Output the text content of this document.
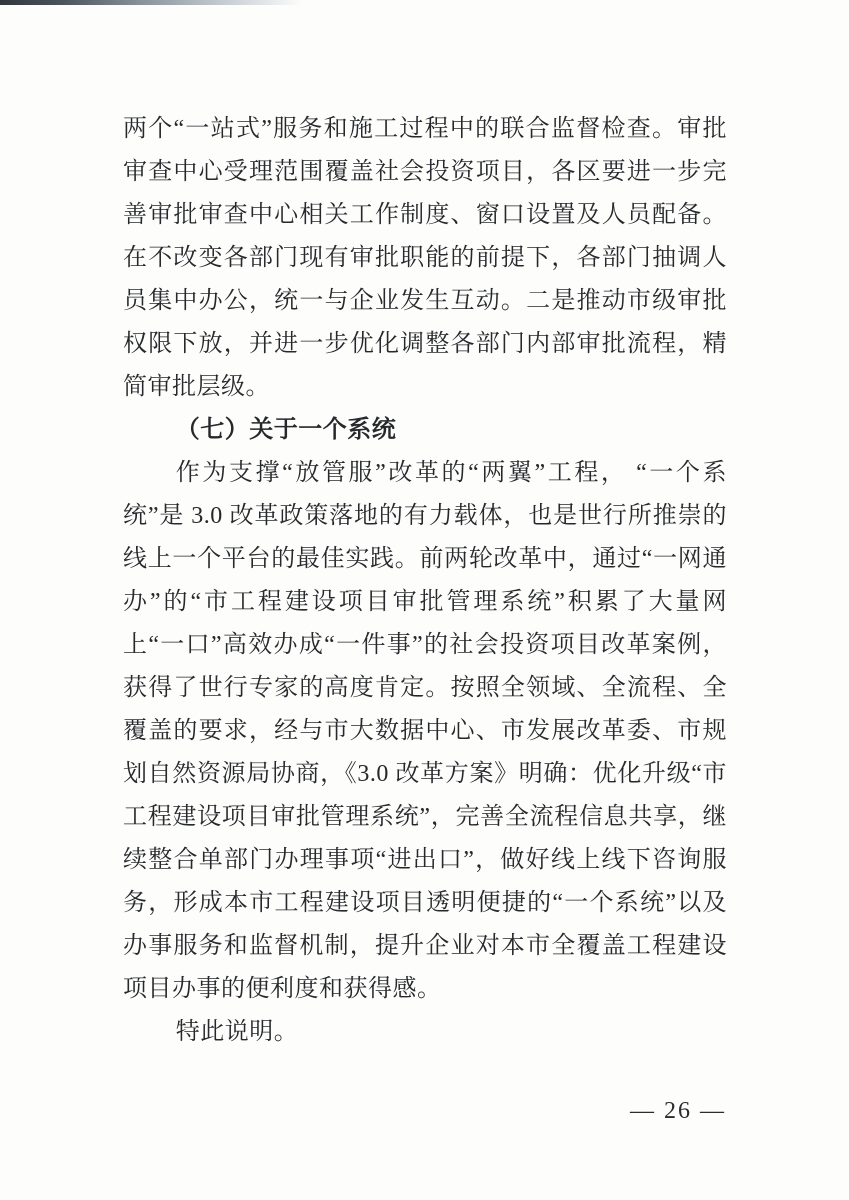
两个“一站式”服务和施工过程中的联合监督检查。审批审查中心受理范围覆盖社会投资项目，各区要进一步完善审批审查中心相关工作制度、窗口设置及人员配备。在不改变各部门现有审批职能的前提下，各部门抽调人员集中办公，统一与企业发生互动。二是推动市级审批权限下放，并进一步优化调整各部门内部审批流程，精简审批层级。

（七）关于一个系统

作为支撑“放管服”改革的“两翼”工程， “一个系统”是 3.0 改革政策落地的有力载体，也是世行所推崇的线上一个平台的最佳实践。前两轮改革中，通过“一网通办”的“市工程建设项目审批管理系统”积累了大量网上“一口”高效办成“一件事”的社会投资项目改革案例，获得了世行专家的高度肯定。按照全领域、全流程、全覆盖的要求，经与市大数据中心、市发展改革委、市规划自然资源局协商，《3.0 改革方案》明确：优化升级“市工程建设项目审批管理系统”，完善全流程信息共享，继续整合单部门办理事项“进出口”，做好线上线下咨询服务，形成本市工程建设项目透明便捷的“一个系统”以及办事服务和监督机制，提升企业对本市全覆盖工程建设项目办事的便利度和获得感。

特此说明。

— 26 —
